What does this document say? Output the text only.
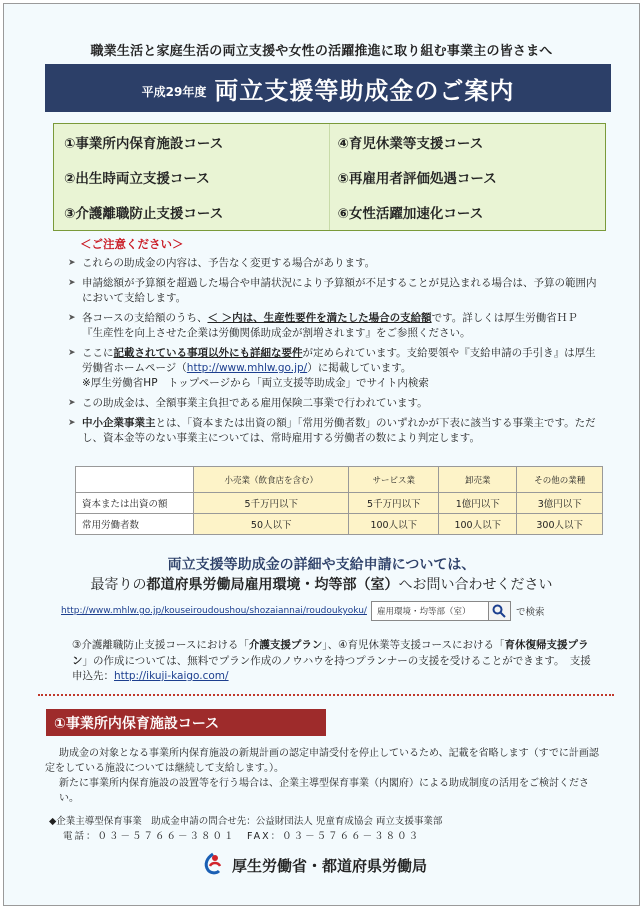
職業生活と家庭生活の両立支援や女性の活躍推進に取り組む事業主の皆さまへ
平成29年度 両立支援等助成金のご案内
①事業所内保育施設コース	④育児休業等支援コース
②出生時両立支援コース	⑤再雇用者評価処遇コース
③介護離職防止支援コース	⑥女性活躍加速化コース
＜ご注意ください＞
➤ これらの助成金の内容は、予告なく変更する場合があります。
➤ 申請総額が予算額を超過した場合や申請状況により予算額が不足することが見込まれる場合は、予算の範囲内において支給します。
➤ 各コースの支給額のうち、＜ ＞内は、生産性要件を満たした場合の支給額です。詳しくは厚生労働省ＨＰ『生産性を向上させた企業は労働関係助成金が割増されます』をご参照ください。
➤ ここに記載されている事項以外にも詳細な要件が定められています。支給要領や『支給申請の手引き』は厚生労働省ホームページ（http://www.mhlw.go.jp/）に掲載しています。
※厚生労働省HP　トップページから「両立支援等助成金」でサイト内検索
➤ この助成金は、全額事業主負担である雇用保険二事業で行われています。
➤ 中小企業事業主とは、「資本または出資の額」「常用労働者数」のいずれかが下表に該当する事業主です。ただし、資本金等のない事業主については、常時雇用する労働者の数により判定します。
	小売業（飲食店を含む）	サービス業	卸売業	その他の業種
資本または出資の額	5千万円以下	5千万円以下	1億円以下	3億円以下
常用労働者数	50人以下	100人以下	100人以下	300人以下
両立支援等助成金の詳細や支給申請については、
最寄りの都道府県労働局雇用環境・均等部（室）へお問い合わせください
http://www.mhlw.go.jp/kouseiroudoushou/shozaiannai/roudoukyoku/	雇用環境・均等部（室）	で検索
③介護離職防止支援コースにおける「介護支援プラン」、④育児休業等支援コースにおける「育休復帰支援プラン」の作成については、無料でプラン作成のノウハウを持つプランナーの支援を受けることができます。　支援申込先：http://ikuji-kaigo.com/
①事業所内保育施設コース

助成金の対象となる事業所内保育施設の新規計画の認定申請受付を停止しているため、記載を省略します（すでに計画認定をしている施設については継続して支給します。）。

新たに事業所内保育施設の設置等を行う場合は、企業主導型保育事業（内閣府）による助成制度の活用をご検討ください。

◆企業主導型保育事業　助成金申請の問合せ先：公益財団法人 児童育成協会 両立支援事業部
電話：０３－５７６６－３８０１　FAX：０３－５７６６－３８０３
厚生労働省・都道府県労働局
